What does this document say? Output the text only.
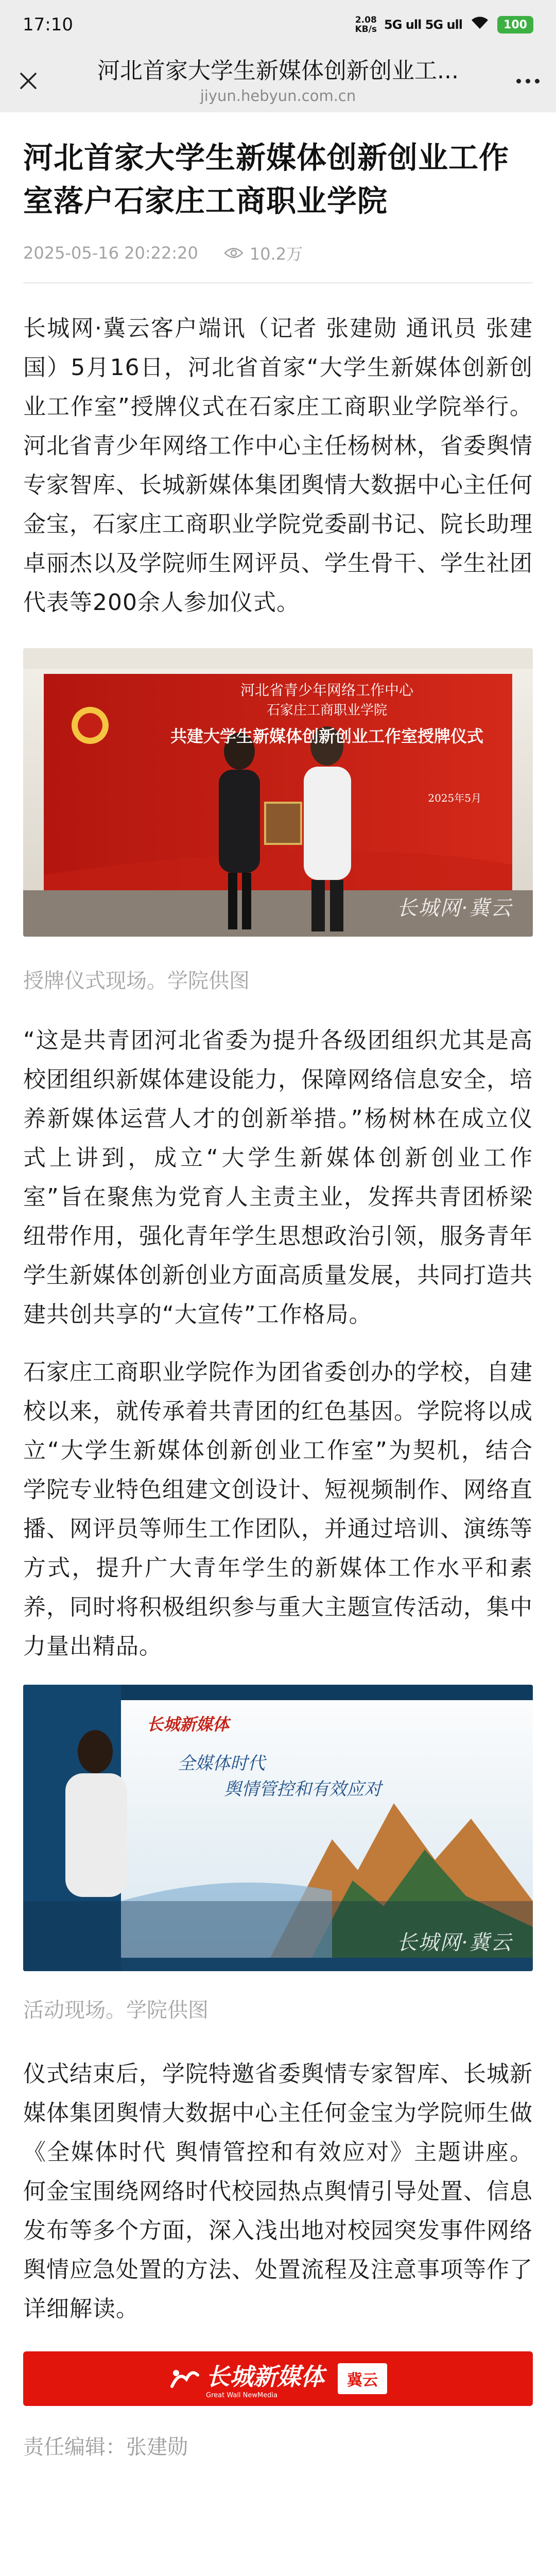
17:10	2.08
KB/s 5G ull 5G ull	100
河北首家大学生新媒体创新创业工...
jiyun.hebyun.com.cn
河北首家大学生新媒体创新创业工作室落户石家庄工商职业学院
2025-05-16 20:22:20	10.2万

长城网·冀云客户端讯（记者 张建勋 通讯员 张建国）5月16日，河北省首家“大学生新媒体创新创业工作室”授牌仪式在石家庄工商职业学院举行。河北省青少年网络工作中心主任杨树林，省委舆情专家智库、长城新媒体集团舆情大数据中心主任何金宝，石家庄工商职业学院党委副书记、院长助理卓丽杰以及学院师生网评员、学生骨干、学生社团代表等200余人参加仪式。

河北省青少年网络工作中心
石家庄工商职业学院
共建大学生新媒体创新创业工作室授牌仪式
2025年5月
长城网·冀云

授牌仪式现场。学院供图

“这是共青团河北省委为提升各级团组织尤其是高校团组织新媒体建设能力，保障网络信息安全，培养新媒体运营人才的创新举措。”杨树林在成立仪式上讲到，成立“大学生新媒体创新创业工作室”旨在聚焦为党育人主责主业，发挥共青团桥梁纽带作用，强化青年学生思想政治引领，服务青年学生新媒体创新创业方面高质量发展，共同打造共建共创共享的“大宣传”工作格局。

石家庄工商职业学院作为团省委创办的学校，自建校以来，就传承着共青团的红色基因。学院将以成立“大学生新媒体创新创业工作室”为契机，结合学院专业特色组建文创设计、短视频制作、网络直播、网评员等师生工作团队，并通过培训、演练等方式，提升广大青年学生的新媒体工作水平和素养，同时将积极组织参与重大主题宣传活动，集中力量出精品。

长城新媒体
全媒体时代
舆情管控和有效应对
长城网·冀云

活动现场。学院供图

仪式结束后，学院特邀省委舆情专家智库、长城新媒体集团舆情大数据中心主任何金宝为学院师生做《全媒体时代 舆情管控和有效应对》主题讲座。何金宝围绕网络时代校园热点舆情引导处置、信息发布等多个方面，深入浅出地对校园突发事件网络舆情应急处置的方法、处置流程及注意事项等作了详细解读。

长城新媒体
Great Wall NewMedia
冀云

责任编辑：张建勋
